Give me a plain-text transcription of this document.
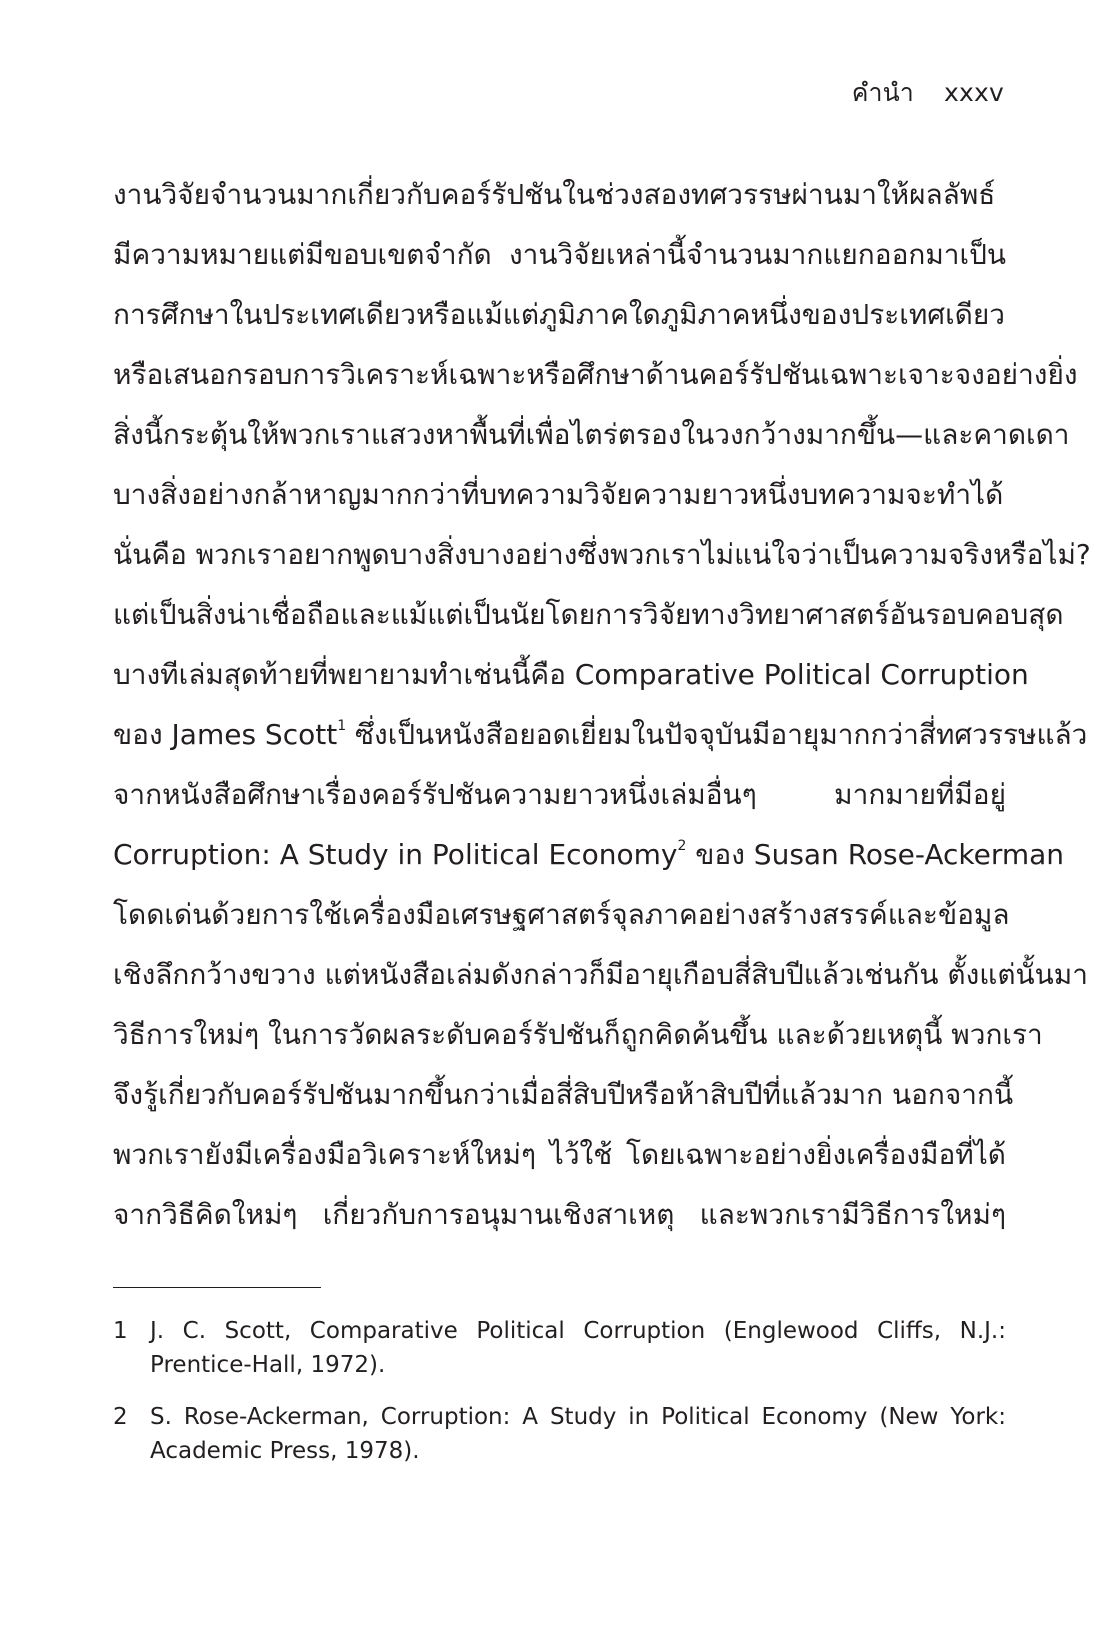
คำนำ xxxv
งานวิจัยจำนวนมากเกี่ยวกับคอร์รัปชันในช่วงสองทศวรรษผ่านมาให้ผลลัพธ์
มีความหมายแต่มีขอบเขตจำกัด งานวิจัยเหล่านี้จำนวนมากแยกออกมาเป็น
การศึกษาในประเทศเดียวหรือแม้แต่ภูมิภาคใดภูมิภาคหนึ่งของประเทศเดียว
หรือเสนอกรอบการวิเคราะห์เฉพาะหรือศึกษาด้านคอร์รัปชันเฉพาะเจาะจงอย่างยิ่ง
สิ่งนี้กระตุ้นให้พวกเราแสวงหาพื้นที่เพื่อไตร่ตรองในวงกว้างมากขึ้น—และคาดเดา
บางสิ่งอย่างกล้าหาญมากกว่าที่บทความวิจัยความยาวหนึ่งบทความจะทำได้
นั่นคือ พวกเราอยากพูดบางสิ่งบางอย่างซึ่งพวกเราไม่แน่ใจว่าเป็นความจริงหรือไม่?
แต่เป็นสิ่งน่าเชื่อถือและแม้แต่เป็นนัยโดยการวิจัยทางวิทยาศาสตร์อันรอบคอบสุด
บางทีเล่มสุดท้ายที่พยายามทำเช่นนี้คือ Comparative Political Corruption
ของ James Scott$^1$ ซึ่งเป็นหนังสือยอดเยี่ยมในปัจจุบันมีอายุมากกว่าสี่ทศวรรษแล้ว
จากหนังสือศึกษาเรื่องคอร์รัปชันความยาวหนึ่งเล่มอื่นๆ มากมายที่มีอยู่
Corruption: A Study in Political Economy$^2$ ของ Susan Rose-Ackerman
โดดเด่นด้วยการใช้เครื่องมือเศรษฐศาสตร์จุลภาคอย่างสร้างสรรค์และข้อมูล
เชิงลึกกว้างขวาง แต่หนังสือเล่มดังกล่าวก็มีอายุเกือบสี่สิบปีแล้วเช่นกัน ตั้งแต่นั้นมา
วิธีการใหม่ๆ ในการวัดผลระดับคอร์รัปชันก็ถูกคิดค้นขึ้น และด้วยเหตุนี้ พวกเรา
จึงรู้เกี่ยวกับคอร์รัปชันมากขึ้นกว่าเมื่อสี่สิบปีหรือห้าสิบปีที่แล้วมาก นอกจากนี้
พวกเรายังมีเครื่องมือวิเคราะห์ใหม่ๆ ไว้ใช้ โดยเฉพาะอย่างยิ่งเครื่องมือที่ได้
จากวิธีคิดใหม่ๆ เกี่ยวกับการอนุมานเชิงสาเหตุ และพวกเรามีวิธีการใหม่ๆ
1 J. C. Scott, Comparative Political Corruption (Englewood Cliffs, N.J.:
Prentice-Hall, 1972).
2 S. Rose-Ackerman, Corruption: A Study in Political Economy (New York:
Academic Press, 1978).
